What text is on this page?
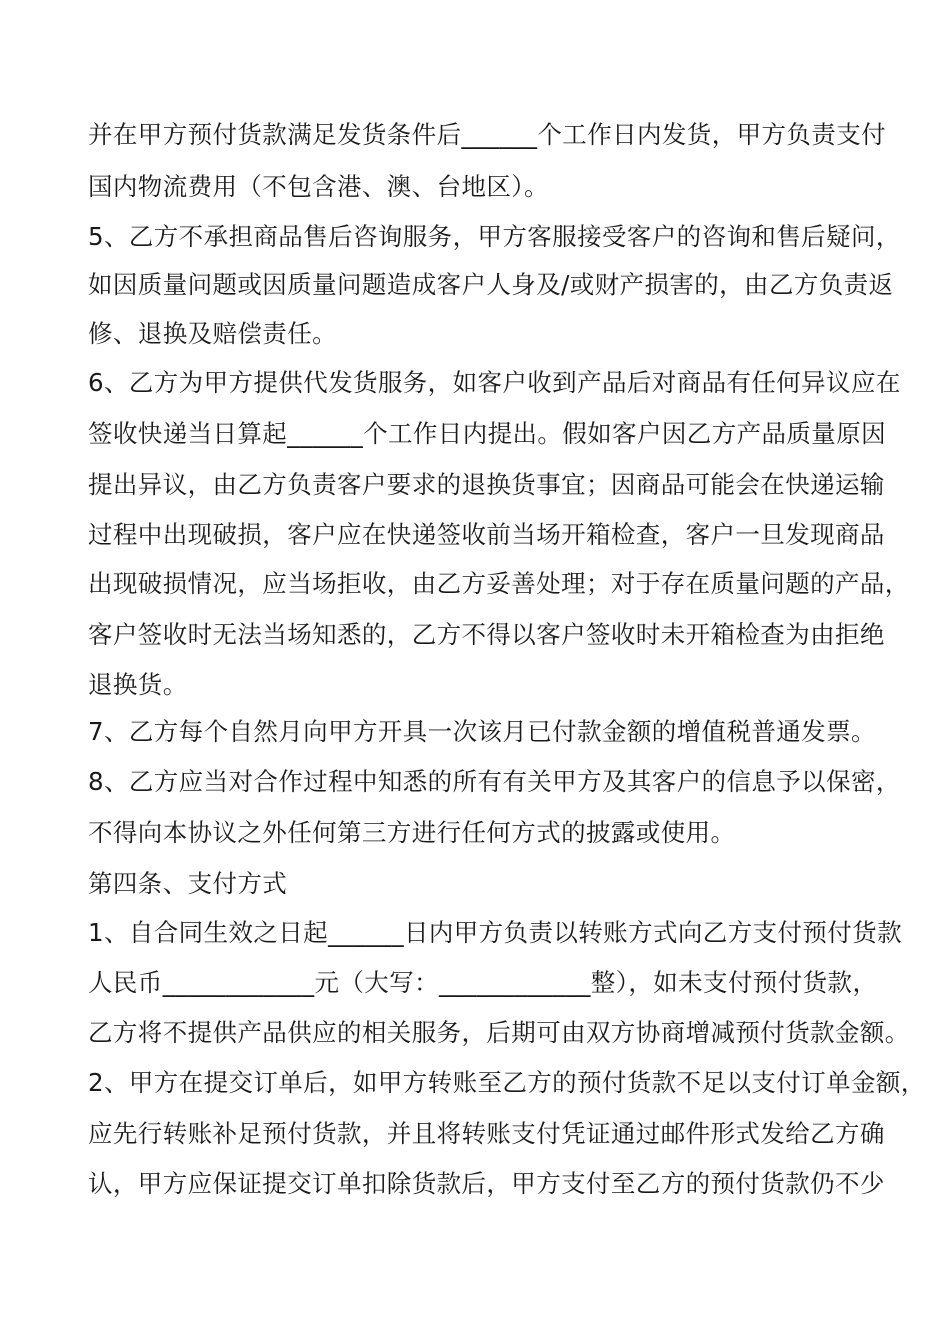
并在甲方预付货款满足发货条件后______个工作日内发货，甲方负责支付
国内物流费用（不包含港、澳、台地区）。
5、乙方不承担商品售后咨询服务，甲方客服接受客户的咨询和售后疑问，
如因质量问题或因质量问题造成客户人身及/或财产损害的，由乙方负责返
修、退换及赔偿责任。
6、乙方为甲方提供代发货服务，如客户收到产品后对商品有任何异议应在
签收快递当日算起______个工作日内提出。假如客户因乙方产品质量原因
提出异议，由乙方负责客户要求的退换货事宜；因商品可能会在快递运输
过程中出现破损，客户应在快递签收前当场开箱检查，客户一旦发现商品
出现破损情况，应当场拒收，由乙方妥善处理；对于存在质量问题的产品，
客户签收时无法当场知悉的，乙方不得以客户签收时未开箱检查为由拒绝
退换货。
7、乙方每个自然月向甲方开具一次该月已付款金额的增值税普通发票。
8、乙方应当对合作过程中知悉的所有有关甲方及其客户的信息予以保密，
不得向本协议之外任何第三方进行任何方式的披露或使用。
第四条、支付方式
1、自合同生效之日起______日内甲方负责以转账方式向乙方支付预付货款
人民币____________元（大写：____________整），如未支付预付货款，
乙方将不提供产品供应的相关服务，后期可由双方协商增减预付货款金额。
2、甲方在提交订单后，如甲方转账至乙方的预付货款不足以支付订单金额，
应先行转账补足预付货款，并且将转账支付凭证通过邮件形式发给乙方确
认，甲方应保证提交订单扣除货款后，甲方支付至乙方的预付货款仍不少
